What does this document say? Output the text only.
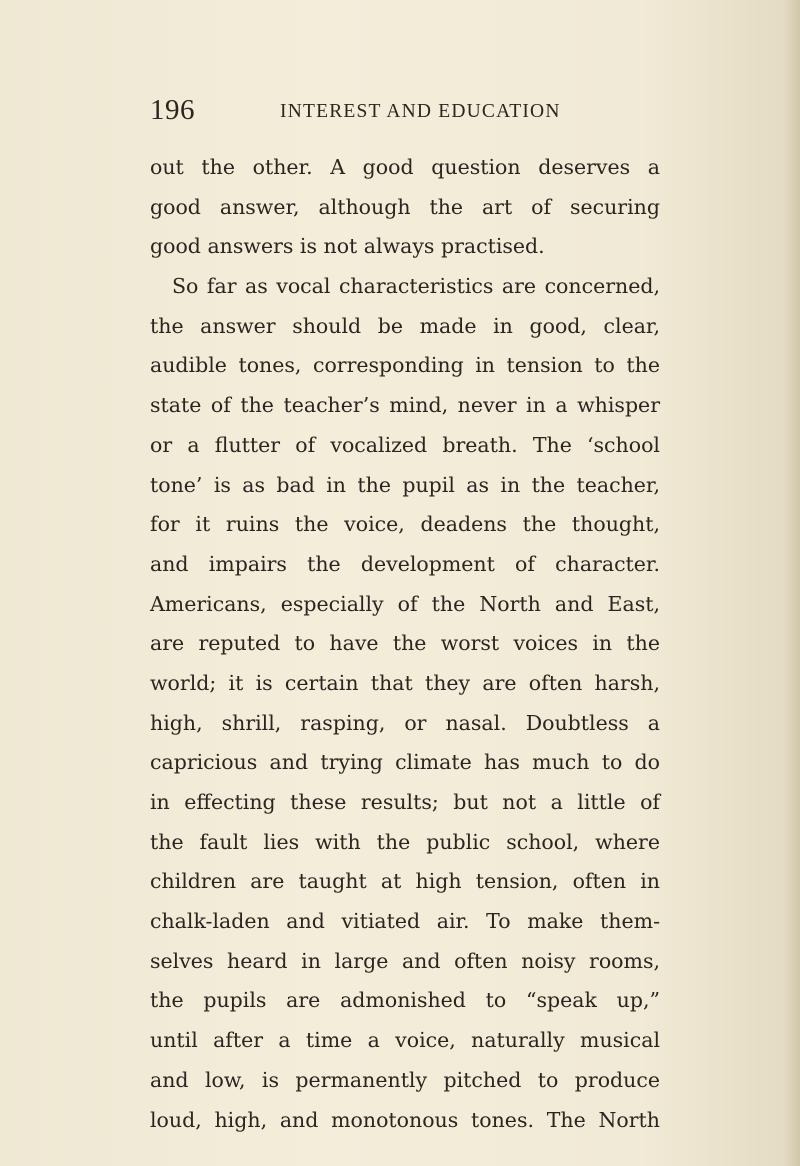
196	INTEREST AND EDUCATION
out the other. A good question deserves a
good answer, although the art of securing
good answers is not always practised.
So far as vocal characteristics are concerned,
the answer should be made in good, clear,
audible tones, corresponding in tension to the
state of the teacher’s mind, never in a whisper
or a flutter of vocalized breath. The ‘school
tone’ is as bad in the pupil as in the teacher,
for it ruins the voice, deadens the thought,
and impairs the development of character.
Americans, especially of the North and East,
are reputed to have the worst voices in the
world; it is certain that they are often harsh,
high, shrill, rasping, or nasal. Doubtless a
capricious and trying climate has much to do
in effecting these results; but not a little of
the fault lies with the public school, where
children are taught at high tension, often in
chalk-laden and vitiated air. To make them-
selves heard in large and often noisy rooms,
the pupils are admonished to “speak up,”
until after a time a voice, naturally musical
and low, is permanently pitched to produce
loud, high, and monotonous tones. The North
